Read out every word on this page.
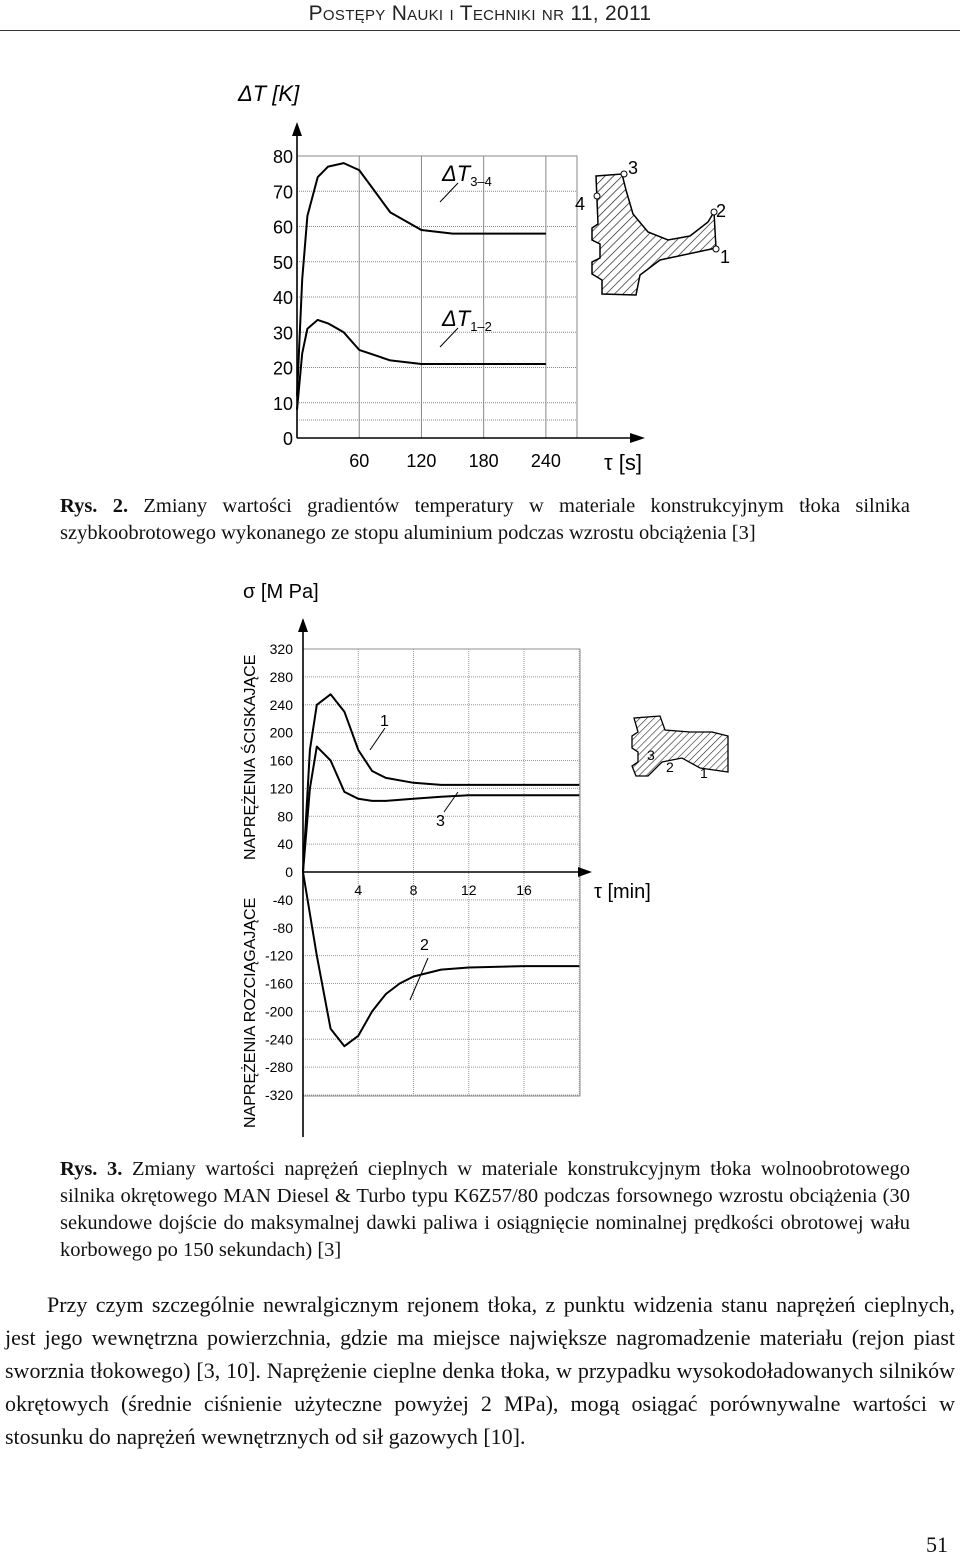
Postępy Nauki i Techniki nr 11, 2011
ΔT [K]
80
70
60
50
40
30
20
10
0
60 120 180 240 τ [s]
$\Delta T_{3-4}$
$\Delta T_{1-2}$
3
4	2
1
Rys. 2. Zmiany wartości gradientów temperatury w materiale konstrukcyjnym tłoka silnika szybkoobrotowego wykonanego ze stopu aluminium podczas wzrostu obciążenia [3]
σ [M Pa]
NAPRĘŻENIA ŚCISKAJĄCE
NAPRĘŻENIA ROZCIĄGAJĄCE
320
280
240
200
160
120
80
40
0
-40
-80
-120
-160
-200
-240
-280
-320
4	8	12	16	τ [min]
1
3
2
3
2 1
Rys. 3. Zmiany wartości naprężeń cieplnych w materiale konstrukcyjnym tłoka wolnoobrotowego silnika okrętowego MAN Diesel & Turbo typu K6Z57/80 podczas forsownego wzrostu obciążenia (30 sekundowe dojście do maksymalnej dawki paliwa i osiągnięcie nominalnej prędkości obrotowej wału korbowego po 150 sekundach) [3]
Przy czym szczególnie newralgicznym rejonem tłoka, z punktu widzenia stanu naprężeń cieplnych, jest jego wewnętrzna powierzchnia, gdzie ma miejsce największe nagromadzenie materiału (rejon piast sworznia tłokowego) [3, 10]. Naprężenie cieplne denka tłoka, w przypadku wysokodoładowanych silników okrętowych (średnie ciśnienie użyteczne powyżej 2 MPa), mogą osiągać porównywalne wartości w stosunku do naprężeń wewnętrznych od sił gazowych [10].
51
